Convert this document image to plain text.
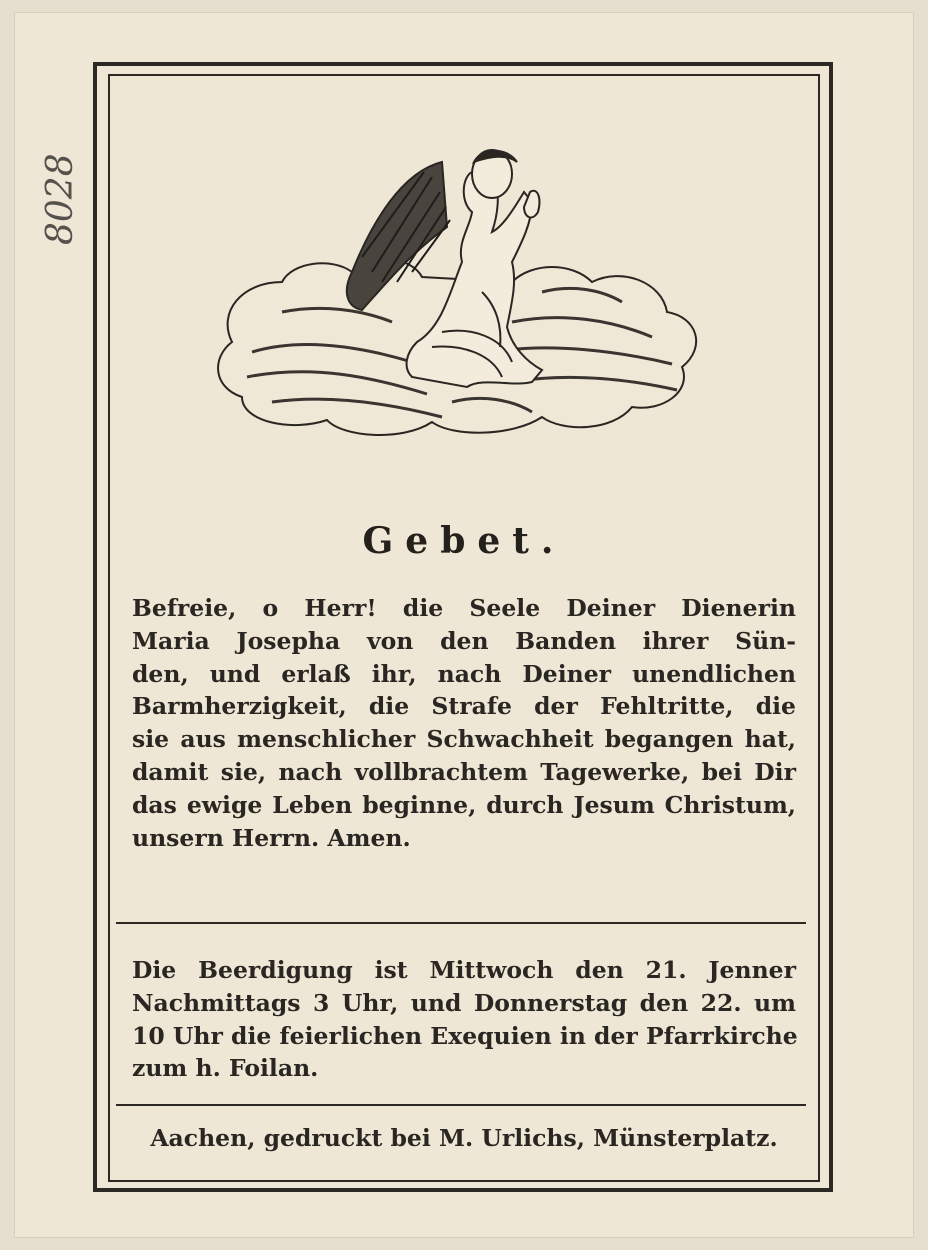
8028
Gebet.
Befreie, o Herr! die Seele Deiner Dienerin
Maria Josepha von den Banden ihrer Sün-
den, und erlaß ihr, nach Deiner unendlichen
Barmherzigkeit, die Strafe der Fehltritte, die
sie aus menschlicher Schwachheit begangen hat,
damit sie, nach vollbrachtem Tagewerke, bei Dir
das ewige Leben beginne, durch Jesum Christum,
unsern Herrn. Amen.
Die Beerdigung ist Mittwoch den 21. Jenner
Nachmittags 3 Uhr, und Donnerstag den 22. um
10 Uhr die feierlichen Exequien in der Pfarrkirche
zum h. Foilan.
Aachen, gedruckt bei M. Urlichs, Münsterplatz.
